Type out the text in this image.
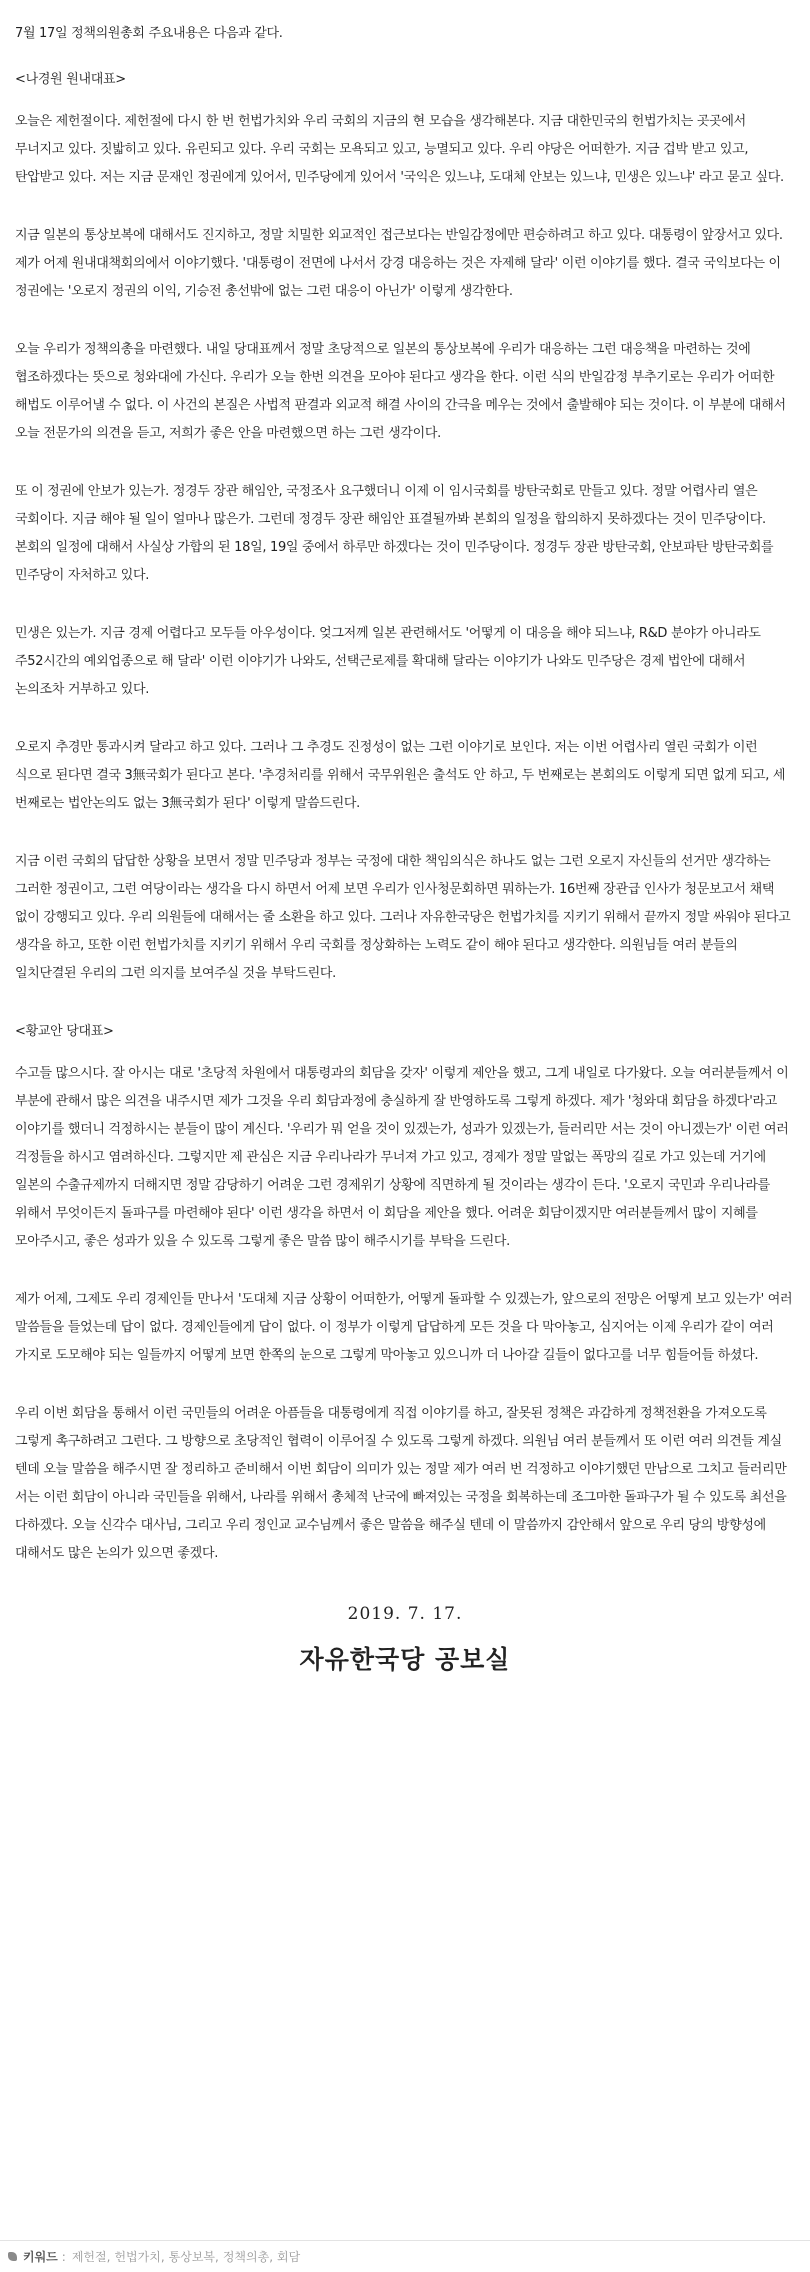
7월 17일 정책의원총회 주요내용은 다음과 같다.

<나경원 원내대표>

오늘은 제헌절이다. 제헌절에 다시 한 번 헌법가치와 우리 국회의 지금의 현 모습을 생각해본다. 지금 대한민국의 헌법가치는 곳곳에서 무너지고 있다. 짓밟히고 있다. 유린되고 있다. 우리 국회는 모욕되고 있고, 능멸되고 있다. 우리 야당은 어떠한가. 지금 겁박 받고 있고, 탄압받고 있다. 저는 지금 문재인 정권에게 있어서, 민주당에게 있어서 '국익은 있느냐, 도대체 안보는 있느냐, 민생은 있느냐' 라고 묻고 싶다.

지금 일본의 통상보복에 대해서도 진지하고, 정말 치밀한 외교적인 접근보다는 반일감정에만 편승하려고 하고 있다. 대통령이 앞장서고 있다. 제가 어제 원내대책회의에서 이야기했다. '대통령이 전면에 나서서 강경 대응하는 것은 자제해 달라' 이런 이야기를 했다. 결국 국익보다는 이 정권에는 '오로지 정권의 이익, 기승전 총선밖에 없는 그런 대응이 아닌가' 이렇게 생각한다.

오늘 우리가 정책의총을 마련했다. 내일 당대표께서 정말 초당적으로 일본의 통상보복에 우리가 대응하는 그런 대응책을 마련하는 것에 협조하겠다는 뜻으로 청와대에 가신다. 우리가 오늘 한번 의견을 모아야 된다고 생각을 한다. 이런 식의 반일감정 부추기로는 우리가 어떠한 해법도 이루어낼 수 없다. 이 사건의 본질은 사법적 판결과 외교적 해결 사이의 간극을 메우는 것에서 출발해야 되는 것이다. 이 부분에 대해서 오늘 전문가의 의견을 듣고, 저희가 좋은 안을 마련했으면 하는 그런 생각이다.

또 이 정권에 안보가 있는가. 정경두 장관 해임안, 국정조사 요구했더니 이제 이 임시국회를 방탄국회로 만들고 있다. 정말 어렵사리 열은 국회이다. 지금 해야 될 일이 얼마나 많은가. 그런데 정경두 장관 해임안 표결될까봐 본회의 일정을 합의하지 못하겠다는 것이 민주당이다. 본회의 일정에 대해서 사실상 가합의 된 18일, 19일 중에서 하루만 하겠다는 것이 민주당이다. 정경두 장관 방탄국회, 안보파탄 방탄국회를 민주당이 자처하고 있다.

민생은 있는가. 지금 경제 어렵다고 모두들 아우성이다. 엊그저께 일본 관련해서도 '어떻게 이 대응을 해야 되느냐, R&D 분야가 아니라도 주52시간의 예외업종으로 해 달라' 이런 이야기가 나와도, 선택근로제를 확대해 달라는 이야기가 나와도 민주당은 경제 법안에 대해서 논의조차 거부하고 있다.

오로지 추경만 통과시켜 달라고 하고 있다. 그러나 그 추경도 진정성이 없는 그런 이야기로 보인다. 저는 이번 어렵사리 열린 국회가 이런 식으로 된다면 결국 3無국회가 된다고 본다. '추경처리를 위해서 국무위원은 출석도 안 하고, 두 번째로는 본회의도 이렇게 되면 없게 되고, 세 번째로는 법안논의도 없는 3無국회가 된다' 이렇게 말씀드린다.

지금 이런 국회의 답답한 상황을 보면서 정말 민주당과 정부는 국정에 대한 책임의식은 하나도 없는 그런 오로지 자신들의 선거만 생각하는 그러한 정권이고, 그런 여당이라는 생각을 다시 하면서 어제 보면 우리가 인사청문회하면 뭐하는가. 16번째 장관급 인사가 청문보고서 채택 없이 강행되고 있다. 우리 의원들에 대해서는 줄 소환을 하고 있다. 그러나 자유한국당은 헌법가치를 지키기 위해서 끝까지 정말 싸워야 된다고 생각을 하고, 또한 이런 헌법가치를 지키기 위해서 우리 국회를 정상화하는 노력도 같이 해야 된다고 생각한다. 의원님들 여러 분들의 일치단결된 우리의 그런 의지를 보여주실 것을 부탁드린다.

<황교안 당대표>

수고들 많으시다. 잘 아시는 대로 '초당적 차원에서 대통령과의 회담을 갖자' 이렇게 제안을 했고, 그게 내일로 다가왔다. 오늘 여러분들께서 이 부분에 관해서 많은 의견을 내주시면 제가 그것을 우리 회담과정에 충실하게 잘 반영하도록 그렇게 하겠다. 제가 '청와대 회담을 하겠다'라고 이야기를 했더니 걱정하시는 분들이 많이 계신다. '우리가 뭐 얻을 것이 있겠는가, 성과가 있겠는가, 들러리만 서는 것이 아니겠는가' 이런 여러 걱정들을 하시고 염려하신다. 그렇지만 제 관심은 지금 우리나라가 무너져 가고 있고, 경제가 정말 말없는 폭망의 길로 가고 있는데 거기에 일본의 수출규제까지 더해지면 정말 감당하기 어려운 그런 경제위기 상황에 직면하게 될 것이라는 생각이 든다. '오로지 국민과 우리나라를 위해서 무엇이든지 돌파구를 마련해야 된다' 이런 생각을 하면서 이 회담을 제안을 했다. 어려운 회담이겠지만 여러분들께서 많이 지혜를 모아주시고, 좋은 성과가 있을 수 있도록 그렇게 좋은 말씀 많이 해주시기를 부탁을 드린다.

제가 어제, 그제도 우리 경제인들 만나서 '도대체 지금 상황이 어떠한가, 어떻게 돌파할 수 있겠는가, 앞으로의 전망은 어떻게 보고 있는가' 여러 말씀들을 들었는데 답이 없다. 경제인들에게 답이 없다. 이 정부가 이렇게 답답하게 모든 것을 다 막아놓고, 심지어는 이제 우리가 같이 여러 가지로 도모해야 되는 일들까지 어떻게 보면 한쪽의 눈으로 그렇게 막아놓고 있으니까 더 나아갈 길들이 없다고를 너무 힘들어들 하셨다.

우리 이번 회담을 통해서 이런 국민들의 어려운 아픔들을 대통령에게 직접 이야기를 하고, 잘못된 정책은 과감하게 정책전환을 가져오도록 그렇게 촉구하려고 그런다. 그 방향으로 초당적인 협력이 이루어질 수 있도록 그렇게 하겠다. 의원님 여러 분들께서 또 이런 여러 의견들 계실 텐데 오늘 말씀을 해주시면 잘 정리하고 준비해서 이번 회담이 의미가 있는 정말 제가 여러 번 걱정하고 이야기했던 만남으로 그치고 들러리만 서는 이런 회담이 아니라 국민들을 위해서, 나라를 위해서 총체적 난국에 빠져있는 국정을 회복하는데 조그마한 돌파구가 될 수 있도록 최선을 다하겠다. 오늘 신각수 대사님, 그리고 우리 정인교 교수님께서 좋은 말씀을 해주실 텐데 이 말씀까지 감안해서 앞으로 우리 당의 방향성에 대해서도 많은 논의가 있으면 좋겠다.

2019. 7. 17.

자유한국당 공보실

키워드 : 제헌절 , 헌법가치 , 통상보복 , 정책의총 , 회담
